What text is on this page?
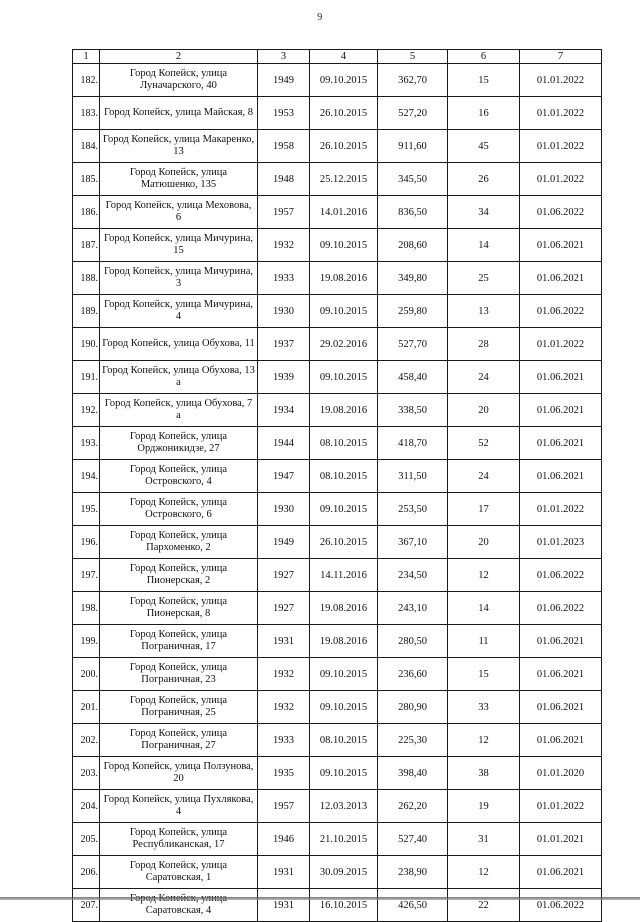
9
1	2	3	4	5	6	7
182.	Город Копейск, улица Луначарского, 40	1949	09.10.2015	362,70	15	01.01.2022
183.	Город Копейск, улица Майская, 8	1953	26.10.2015	527,20	16	01.01.2022
184.	Город Копейск, улица Макаренко, 13	1958	26.10.2015	911,60	45	01.01.2022
185.	Город Копейск, улица Матюшенко, 135	1948	25.12.2015	345,50	26	01.01.2022
186.	Город Копейск, улица Меховова, 6	1957	14.01.2016	836,50	34	01.06.2022
187.	Город Копейск, улица Мичурина, 15	1932	09.10.2015	208,60	14	01.06.2021
188.	Город Копейск, улица Мичурина, 3	1933	19.08.2016	349,80	25	01.06.2021
189.	Город Копейск, улица Мичурина, 4	1930	09.10.2015	259,80	13	01.06.2022
190.	Город Копейск, улица Обухова, 11	1937	29.02.2016	527,70	28	01.01.2022
191.	Город Копейск, улица Обухова, 13 а	1939	09.10.2015	458,40	24	01.06.2021
192.	Город Копейск, улица Обухова, 7 а	1934	19.08.2016	338,50	20	01.06.2021
193.	Город Копейск, улица Орджоникидзе, 27	1944	08.10.2015	418,70	52	01.06.2021
194.	Город Копейск, улица Островского, 4	1947	08.10.2015	311,50	24	01.06.2021
195.	Город Копейск, улица Островского, 6	1930	09.10.2015	253,50	17	01.01.2022
196.	Город Копейск, улица Пархоменко, 2	1949	26.10.2015	367,10	20	01.01.2023
197.	Город Копейск, улица Пионерская, 2	1927	14.11.2016	234,50	12	01.06.2022
198.	Город Копейск, улица Пионерская, 8	1927	19.08.2016	243,10	14	01.06.2022
199.	Город Копейск, улица Пограничная, 17	1931	19.08.2016	280,50	11	01.06.2021
200.	Город Копейск, улица Пограничная, 23	1932	09.10.2015	236,60	15	01.06.2021
201.	Город Копейск, улица Пограничная, 25	1932	09.10.2015	280,90	33	01.06.2021
202.	Город Копейск, улица Пограничная, 27	1933	08.10.2015	225,30	12	01.06.2021
203.	Город Копейск, улица Ползунова, 20	1935	09.10.2015	398,40	38	01.01.2020
204.	Город Копейск, улица Пухлякова, 4	1957	12.03.2013	262,20	19	01.01.2022
205.	Город Копейск, улица Республиканская, 17	1946	21.10.2015	527,40	31	01.01.2021
206.	Город Копейск, улица Саратовская, 1	1931	30.09.2015	238,90	12	01.06.2021
207.	Саратовская, 4	1931	16.10.2015	426,50	22	01.06.2022
